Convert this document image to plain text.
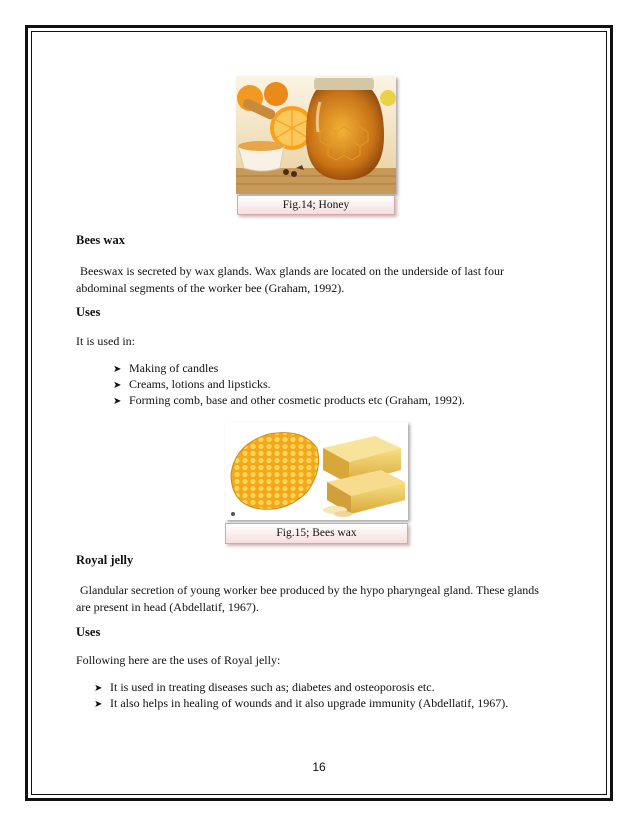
Fig.14; Honey
Bees wax
Beeswax is secreted by wax glands. Wax glands are located on the underside of last four
abdominal segments of the worker bee (Graham, 1992).
Uses
It is used in:
➤ Making of candles
➤ Creams, lotions and lipsticks.
➤ Forming comb, base and other cosmetic products etc (Graham, 1992).
Fig.15; Bees wax
Royal jelly
Glandular secretion of young worker bee produced by the hypo pharyngeal gland. These glands
are present in head (Abdellatif, 1967).
Uses
Following here are the uses of Royal jelly:
➤ It is used in treating diseases such as; diabetes and osteoporosis etc.
➤ It also helps in healing of wounds and it also upgrade immunity (Abdellatif, 1967).
16
